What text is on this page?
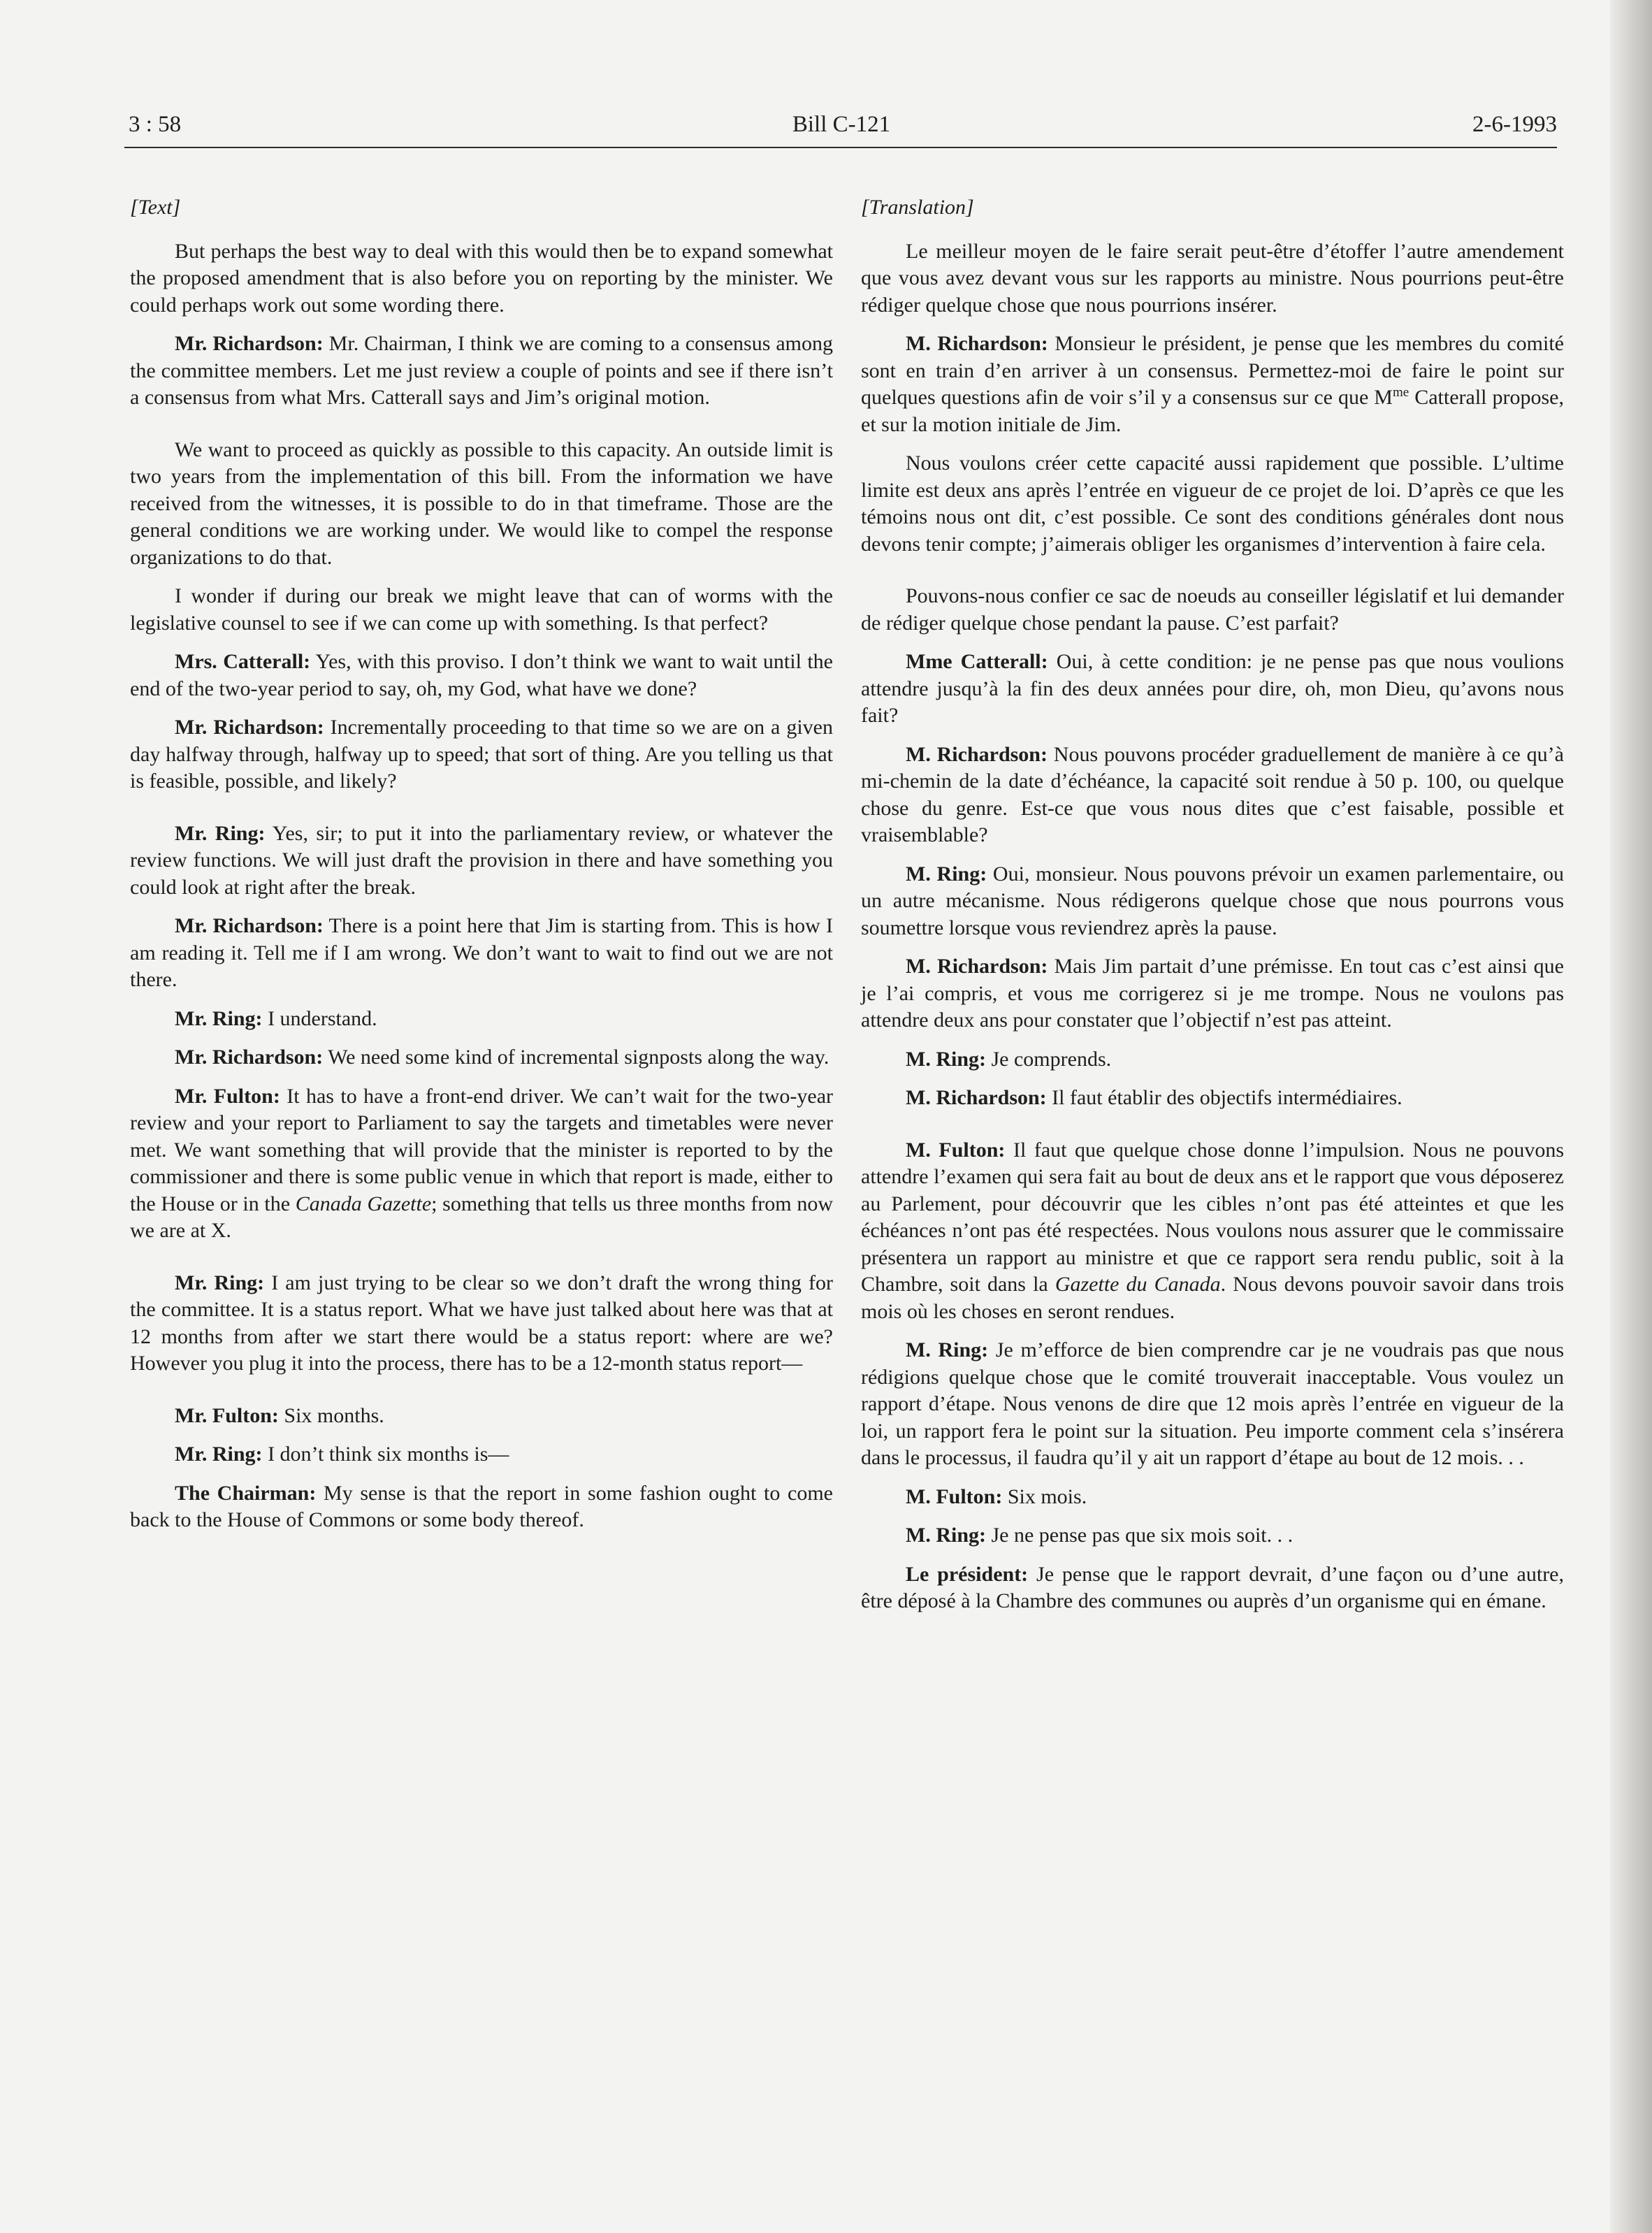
3 : 58	Bill C-121	2-6-1993
[Text]

But perhaps the best way to deal with this would then be to expand somewhat the proposed amendment that is also before you on reporting by the minister. We could perhaps work out some wording there.

Mr. Richardson: Mr. Chairman, I think we are coming to a consensus among the committee members. Let me just review a couple of points and see if there isn’t a consensus from what Mrs. Catterall says and Jim’s original motion.

We want to proceed as quickly as possible to this capacity. An outside limit is two years from the implementation of this bill. From the information we have received from the witnesses, it is possible to do in that timeframe. Those are the general conditions we are working under. We would like to compel the response organizations to do that.

I wonder if during our break we might leave that can of worms with the legislative counsel to see if we can come up with something. Is that perfect?

Mrs. Catterall: Yes, with this proviso. I don’t think we want to wait until the end of the two-year period to say, oh, my God, what have we done?

Mr. Richardson: Incrementally proceeding to that time so we are on a given day halfway through, halfway up to speed; that sort of thing. Are you telling us that is feasible, possible, and likely?

Mr. Ring: Yes, sir; to put it into the parliamentary review, or whatever the review functions. We will just draft the provision in there and have something you could look at right after the break.

Mr. Richardson: There is a point here that Jim is starting from. This is how I am reading it. Tell me if I am wrong. We don’t want to wait to find out we are not there.

Mr. Ring: I understand.

Mr. Richardson: We need some kind of incremental signposts along the way.

Mr. Fulton: It has to have a front-end driver. We can’t wait for the two-year review and your report to Parliament to say the targets and timetables were never met. We want something that will provide that the minister is reported to by the commissioner and there is some public venue in which that report is made, either to the House or in the Canada Gazette; something that tells us three months from now we are at X.

Mr. Ring: I am just trying to be clear so we don’t draft the wrong thing for the committee. It is a status report. What we have just talked about here was that at 12 months from after we start there would be a status report: where are we? However you plug it into the process, there has to be a 12-month status report—

Mr. Fulton: Six months.

Mr. Ring: I don’t think six months is—

The Chairman: My sense is that the report in some fashion ought to come back to the House of Commons or some body thereof.

[Translation]

Le meilleur moyen de le faire serait peut-être d’étoffer l’autre amendement que vous avez devant vous sur les rapports au ministre. Nous pourrions peut-être rédiger quelque chose que nous pourrions insérer.

M. Richardson: Monsieur le président, je pense que les membres du comité sont en train d’en arriver à un consensus. Permettez-moi de faire le point sur quelques questions afin de voir s’il y a consensus sur ce que $M^{me}$ Catterall propose, et sur la motion initiale de Jim.

Nous voulons créer cette capacité aussi rapidement que possible. L’ultime limite est deux ans après l’entrée en vigueur de ce projet de loi. D’après ce que les témoins nous ont dit, c’est possible. Ce sont des conditions générales dont nous devons tenir compte; j’aimerais obliger les organismes d’intervention à faire cela.

Pouvons-nous confier ce sac de noeuds au conseiller législatif et lui demander de rédiger quelque chose pendant la pause. C’est parfait?

Mme Catterall: Oui, à cette condition: je ne pense pas que nous voulions attendre jusqu’à la fin des deux années pour dire, oh, mon Dieu, qu’avons nous fait?

M. Richardson: Nous pouvons procéder graduellement de manière à ce qu’à mi-chemin de la date d’échéance, la capacité soit rendue à 50 p. 100, ou quelque chose du genre. Est-ce que vous nous dites que c’est faisable, possible et vraisemblable?

M. Ring: Oui, monsieur. Nous pouvons prévoir un examen parlementaire, ou un autre mécanisme. Nous rédigerons quelque chose que nous pourrons vous soumettre lorsque vous reviendrez après la pause.

M. Richardson: Mais Jim partait d’une prémisse. En tout cas c’est ainsi que je l’ai compris, et vous me corrigerez si je me trompe. Nous ne voulons pas attendre deux ans pour constater que l’objectif n’est pas atteint.

M. Ring: Je comprends.

M. Richardson: Il faut établir des objectifs intermédiaires.

M. Fulton: Il faut que quelque chose donne l’impulsion. Nous ne pouvons attendre l’examen qui sera fait au bout de deux ans et le rapport que vous déposerez au Parlement, pour découvrir que les cibles n’ont pas été atteintes et que les échéances n’ont pas été respectées. Nous voulons nous assurer que le commissaire présentera un rapport au ministre et que ce rapport sera rendu public, soit à la Chambre, soit dans la Gazette du Canada. Nous devons pouvoir savoir dans trois mois où les choses en seront rendues.

M. Ring: Je m’efforce de bien comprendre car je ne voudrais pas que nous rédigions quelque chose que le comité trouverait inacceptable. Vous voulez un rapport d’étape. Nous venons de dire que 12 mois après l’entrée en vigueur de la loi, un rapport fera le point sur la situation. Peu importe comment cela s’insérera dans le processus, il faudra qu’il y ait un rapport d’étape au bout de 12 mois. . .

M. Fulton: Six mois.

M. Ring: Je ne pense pas que six mois soit. . .

Le président: Je pense que le rapport devrait, d’une façon ou d’une autre, être déposé à la Chambre des communes ou auprès d’un organisme qui en émane.
